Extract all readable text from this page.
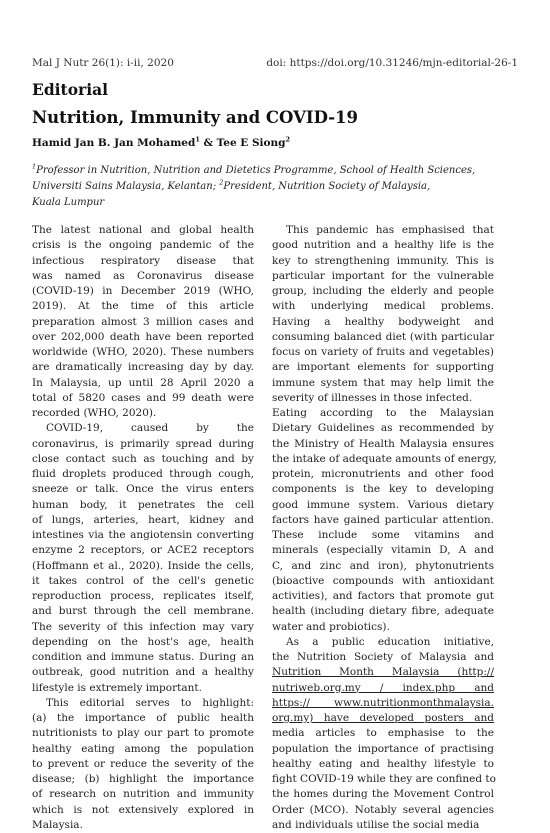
Mal J Nutr 26(1): i-ii, 2020	doi: https://doi.org/10.31246/mjn-editorial-26-1
Editorial
Nutrition, Immunity and COVID-19
Hamid Jan B. Jan Mohamed$^1$ & Tee E Siong$^2$
$^1$Professor in Nutrition, Nutrition and Dietetics Programme, School of Health Sciences,
Universiti Sains Malaysia, Kelantan; $^2$President, Nutrition Society of Malaysia,
Kuala Lumpur
The latest national and global health
crisis is the ongoing pandemic of the
infectious respiratory disease that
was named as Coronavirus disease
(COVID-19) in December 2019 (WHO,
2019). At the time of this article
preparation almost 3 million cases and
over 202,000 death have been reported
worldwide (WHO, 2020). These numbers
are dramatically increasing day by day.
In Malaysia, up until 28 April 2020 a
total of 5820 cases and 99 death were
recorded (WHO, 2020).
COVID-19, caused by the
coronavirus, is primarily spread during
close contact such as touching and by
fluid droplets produced through cough,
sneeze or talk. Once the virus enters
human body, it penetrates the cell
of lungs, arteries, heart, kidney and
intestines via the angiotensin converting
enzyme 2 receptors, or ACE2 receptors
(Hoffmann et al., 2020). Inside the cells,
it takes control of the cell's genetic
reproduction process, replicates itself,
and burst through the cell membrane.
The severity of this infection may vary
depending on the host's age, health
condition and immune status. During an
outbreak, good nutrition and a healthy
lifestyle is extremely important.
This editorial serves to highlight:
(a) the importance of public health
nutritionists to play our part to promote
healthy eating among the population
to prevent or reduce the severity of the
disease; (b) highlight the importance
of research on nutrition and immunity
which is not extensively explored in
Malaysia.
This pandemic has emphasised that
good nutrition and a healthy life is the
key to strengthening immunity. This is
particular important for the vulnerable
group, including the elderly and people
with underlying medical problems.
Having a healthy bodyweight and
consuming balanced diet (with particular
focus on variety of fruits and vegetables)
are important elements for supporting
immune system that may help limit the
severity of illnesses in those infected.
Eating according to the Malaysian
Dietary Guidelines as recommended by
the Ministry of Health Malaysia ensures
the intake of adequate amounts of energy,
protein, micronutrients and other food
components is the key to developing
good immune system. Various dietary
factors have gained particular attention.
These include some vitamins and
minerals (especially vitamin D, A and
C, and zinc and iron), phytonutrients
(bioactive compounds with antioxidant
activities), and factors that promote gut
health (including dietary fibre, adequate
water and probiotics).
As a public education initiative,
the Nutrition Society of Malaysia and
Nutrition Month Malaysia (http://
nutriweb.org.my / index.php and
https:// www.nutritionmonthmalaysia.
org.my) have developed posters and
media articles to emphasise to the
population the importance of practising
healthy eating and healthy lifestyle to
fight COVID-19 while they are confined to
the homes during the Movement Control
Order (MCO). Notably several agencies
and individuals utilise the social media
